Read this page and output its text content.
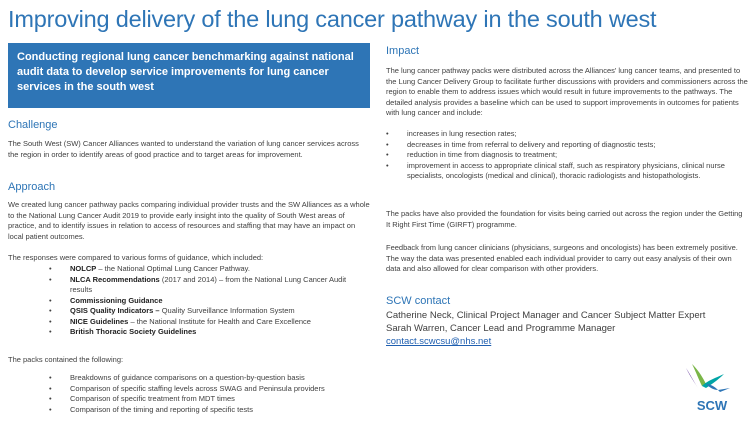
Improving delivery of the lung cancer pathway in the south west
Conducting regional lung cancer benchmarking against national audit data to develop service improvements for lung cancer services in the south west
Challenge
The South West (SW) Cancer Alliances wanted to understand the variation of lung cancer services across the region in order to identify areas of good practice and to target areas for improvement.
Approach
We created lung cancer pathway packs comparing individual provider trusts and the SW Alliances as a whole to the National Lung Cancer Audit 2019 to provide early insight into the quality of South West areas of practice, and to identify issues in relation to access of resources and staffing that may have an impact on local patient outcomes.
The responses were compared to various forms of guidance, which included:
• NOLCP – the National Optimal Lung Cancer Pathway.
• NLCA Recommendations (2017 and 2014) – from the National Lung Cancer Audit results
• Commissioning Guidance
• QSIS Quality Indicators – Quality Surveillance Information System
• NICE Guidelines – the National Institute for Health and Care Excellence
• British Thoracic Society Guidelines
The packs contained the following:
• Breakdowns of guidance comparisons on a question-by-question basis
• Comparison of specific staffing levels across SWAG and Peninsula providers
• Comparison of specific treatment from MDT times
• Comparison of the timing and reporting of specific tests
Impact
The lung cancer pathway packs were distributed across the Alliances' lung cancer teams, and presented to the Lung Cancer Delivery Group to facilitate further discussions with providers and commissioners across the region to enable them to address issues which would result in future improvements to the pathways. The detailed analysis provides a baseline which can be used to support improvements in outcomes for patients with lung cancer and include:
• increases in lung resection rates;
• decreases in time from referral to delivery and reporting of diagnostic tests;
• reduction in time from diagnosis to treatment;
• improvement in access to appropriate clinical staff, such as respiratory physicians, clinical nurse specialists, oncologists (medical and clinical), thoracic radiologists and histopathologists.
The packs have also provided the foundation for visits being carried out across the region under the Getting It Right First Time (GIRFT) programme.
Feedback from lung cancer clinicians (physicians, surgeons and oncologists) has been extremely positive. The way the data was presented enabled each individual provider to carry out easy analysis of their own data and also allowed for clear comparison with other providers.
SCW contact
Catherine Neck, Clinical Project Manager and Cancer Subject Matter Expert
Sarah Warren, Cancer Lead and Programme Manager
contact.scwcsu@nhs.net
SCW
